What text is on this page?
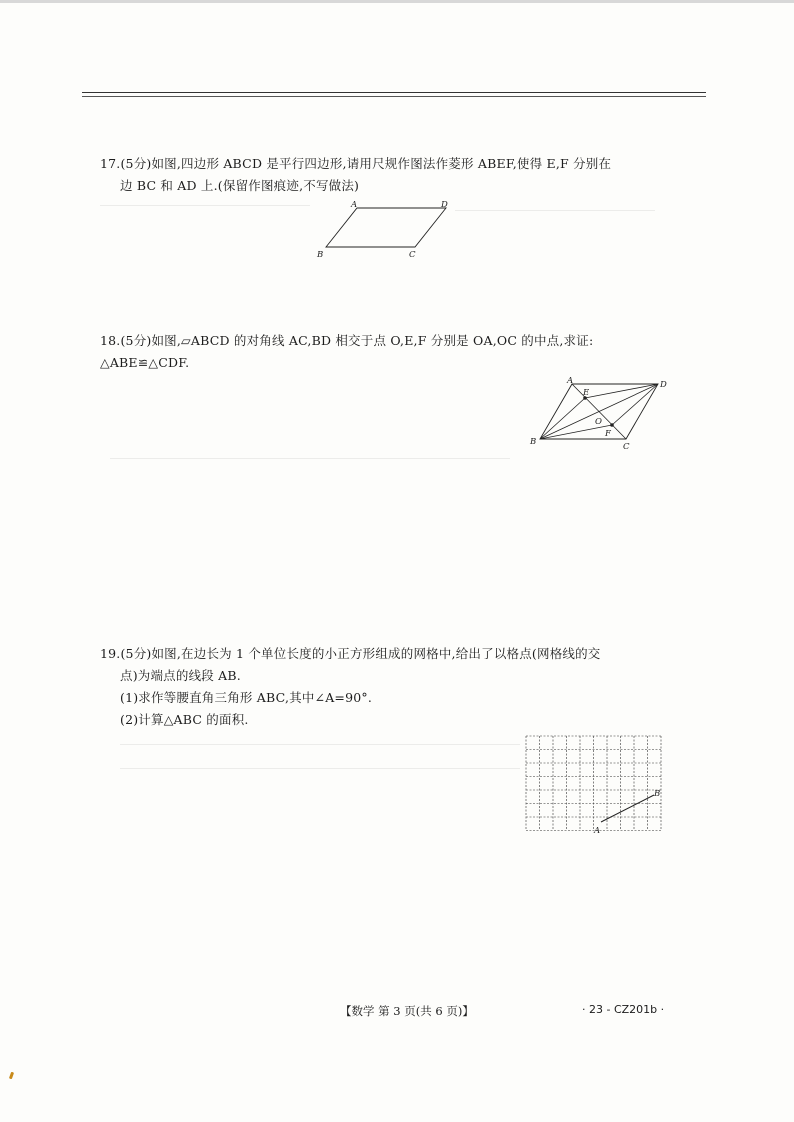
17.(5分)如图,四边形 ABCD 是平行四边形,请用尺规作图法作菱形 ABEF,使得 E,F 分别在

边 BC 和 AD 上.(保留作图痕迹,不写做法)

A	D
B	C

18.(5分)如图,▱ABCD 的对角线 AC,BD 相交于点 O,E,F 分别是 OA,OC 的中点,求证:

△ABE≌△CDF.

A	D
B	C
E
F
O

19.(5分)如图,在边长为 1 个单位长度的小正方形组成的网格中,给出了以格点(网格线的交

点)为端点的线段 AB.

(1)求作等腰直角三角形 ABC,其中∠A=90°.

(2)计算△ABC 的面积.

A
B
【数学 第 3 页(共 6 页)】	· 23 - CZ201b ·
